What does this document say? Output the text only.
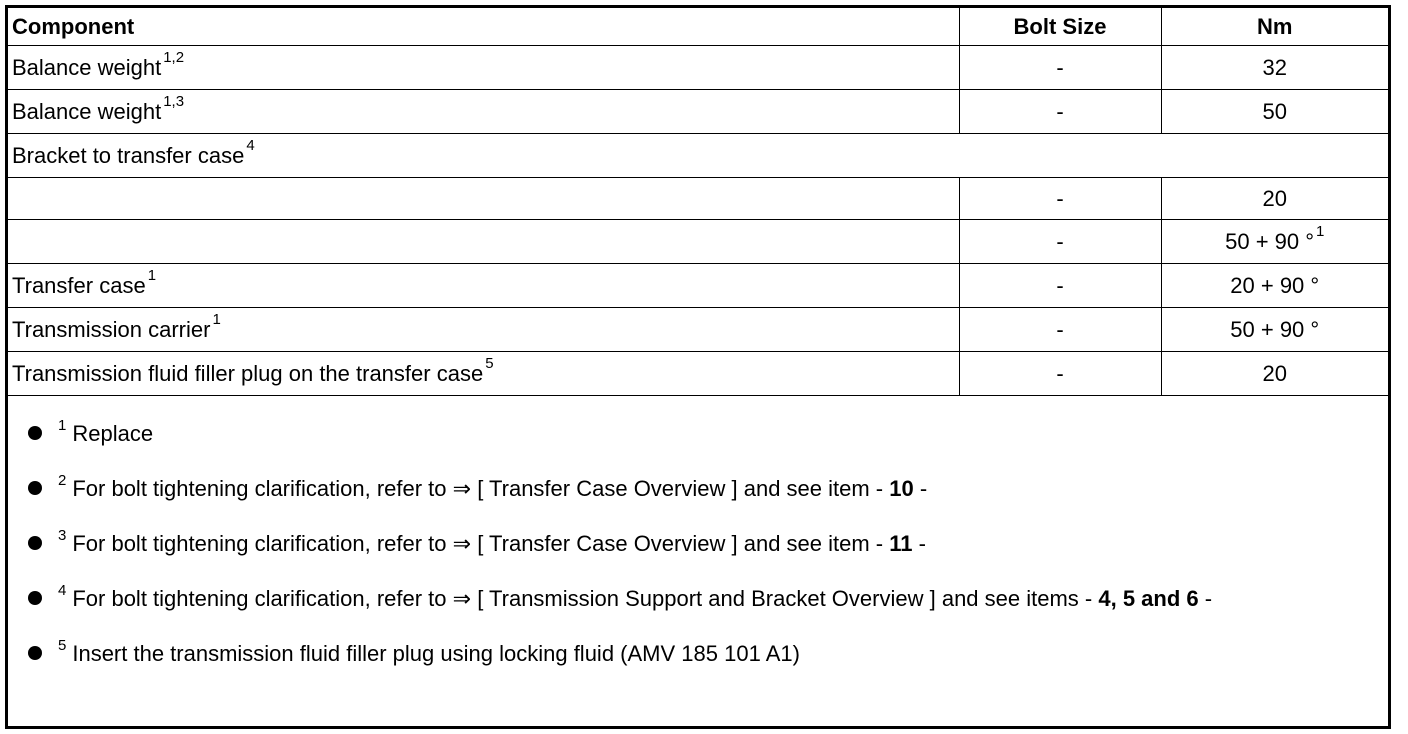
Component	Bolt Size	Nm
Balance weight $^{1,2}$	-	32
Balance weight $^{1,3}$	-	50
Bracket to transfer case $^4$
	-	20
	-	50 + 90 ° $^1$
Transfer case $^1$	-	20 + 90 °
Transmission carrier $^1$	-	50 + 90 °
Transmission fluid filler plug on the transfer case $^5$	-	20
$^1$ Replace
$^2$ For bolt tightening clarification, refer to ⇒ [ Transfer Case Overview ] and see item - 10 -
$^3$ For bolt tightening clarification, refer to ⇒ [ Transfer Case Overview ] and see item - 11 -
$^4$ For bolt tightening clarification, refer to ⇒ [ Transmission Support and Bracket Overview ] and see items - 4, 5 and 6 -
$^5$ Insert the transmission fluid filler plug using locking fluid (AMV 185 101 A1)
